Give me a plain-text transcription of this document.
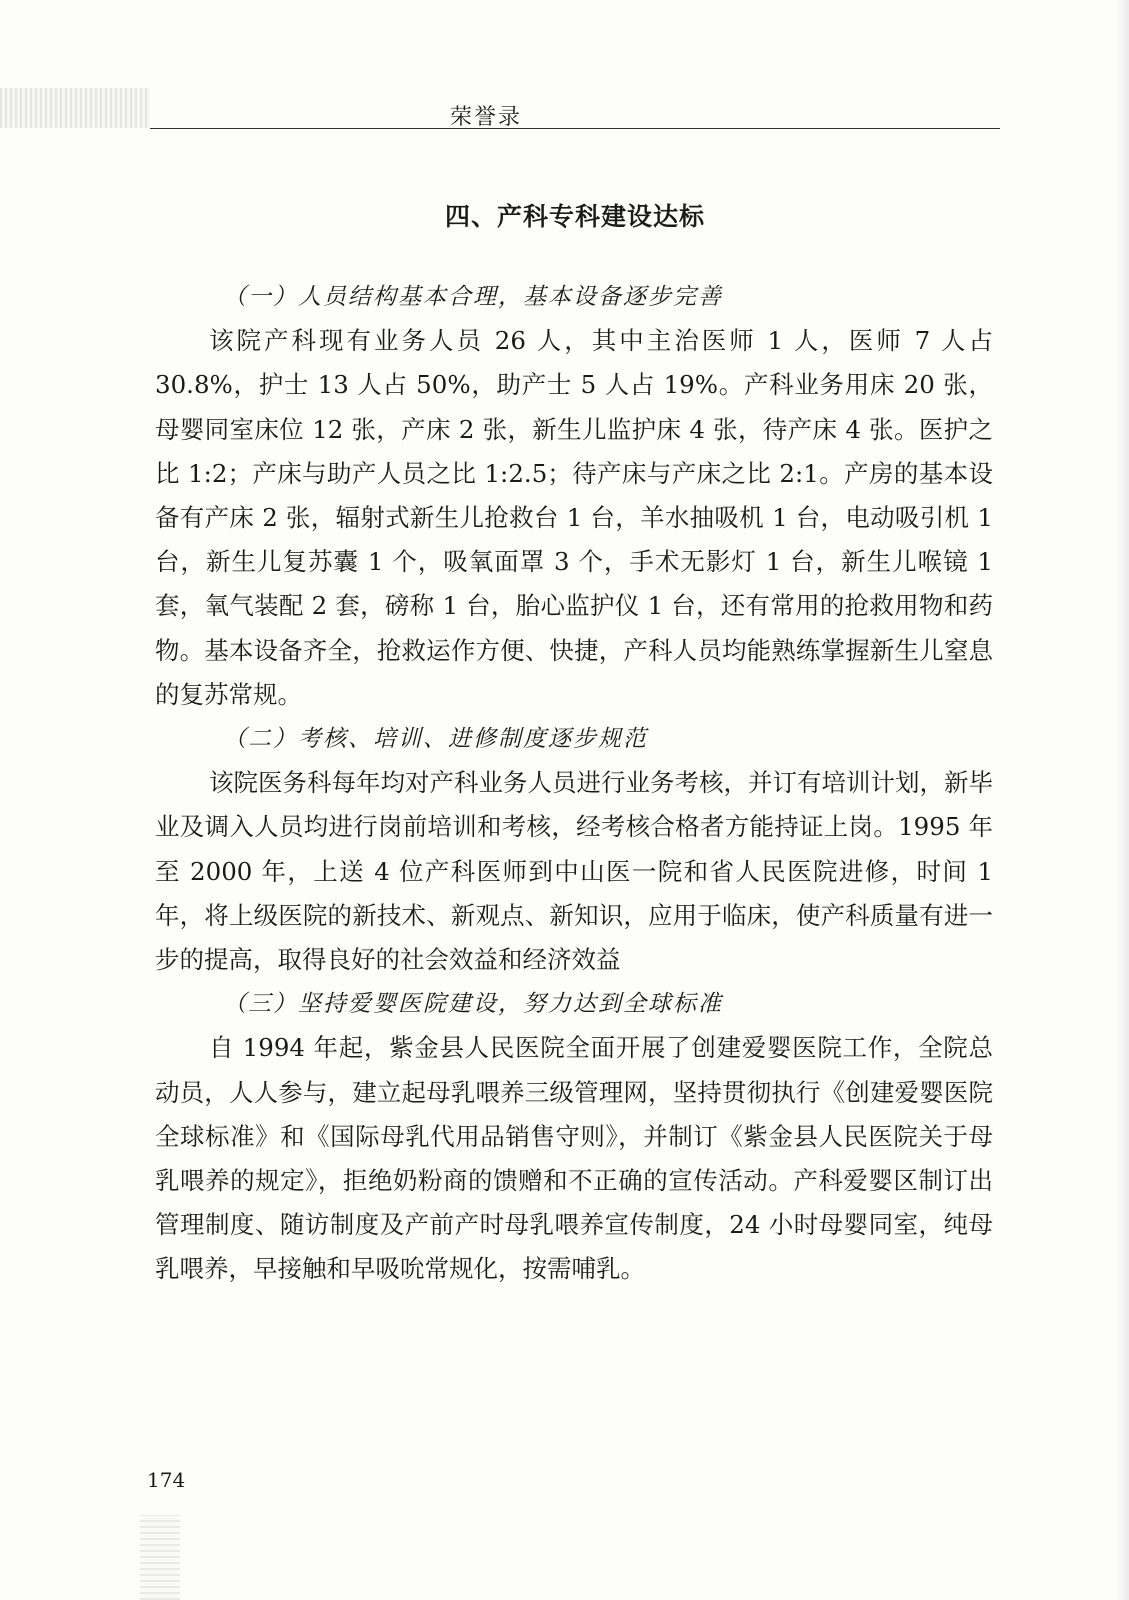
荣誉录
四、产科专科建设达标
（一）人员结构基本合理，基本设备逐步完善

该院产科现有业务人员 26 人，其中主治医师 1 人，医师 7 人占 30.8%，护士 13 人占 50%，助产士 5 人占 19%。产科业务用床 20 张，母婴同室床位 12 张，产床 2 张，新生儿监护床 4 张，待产床 4 张。医护之比 1:2；产床与助产人员之比 1:2.5；待产床与产床之比 2:1。产房的基本设备有产床 2 张，辐射式新生儿抢救台 1 台，羊水抽吸机 1 台，电动吸引机 1 台，新生儿复苏囊 1 个，吸氧面罩 3 个，手术无影灯 1 台，新生儿喉镜 1 套，氧气装配 2 套，磅称 1 台，胎心监护仪 1 台，还有常用的抢救用物和药物。基本设备齐全，抢救运作方便、快捷，产科人员均能熟练掌握新生儿窒息的复苏常规。

（二）考核、培训、进修制度逐步规范

该院医务科每年均对产科业务人员进行业务考核，并订有培训计划，新毕业及调入人员均进行岗前培训和考核，经考核合格者方能持证上岗。1995 年至 2000 年，上送 4 位产科医师到中山医一院和省人民医院进修，时间 1 年，将上级医院的新技术、新观点、新知识，应用于临床，使产科质量有进一步的提高，取得良好的社会效益和经济效益

（三）坚持爱婴医院建设，努力达到全球标准

自 1994 年起，紫金县人民医院全面开展了创建爱婴医院工作，全院总动员，人人参与，建立起母乳喂养三级管理网，坚持贯彻执行《创建爱婴医院全球标准》和《国际母乳代用品销售守则》，并制订《紫金县人民医院关于母乳喂养的规定》，拒绝奶粉商的馈赠和不正确的宣传活动。产科爱婴区制订出管理制度、随访制度及产前产时母乳喂养宣传制度，24 小时母婴同室，纯母乳喂养，早接触和早吸吮常规化，按需哺乳。

174
